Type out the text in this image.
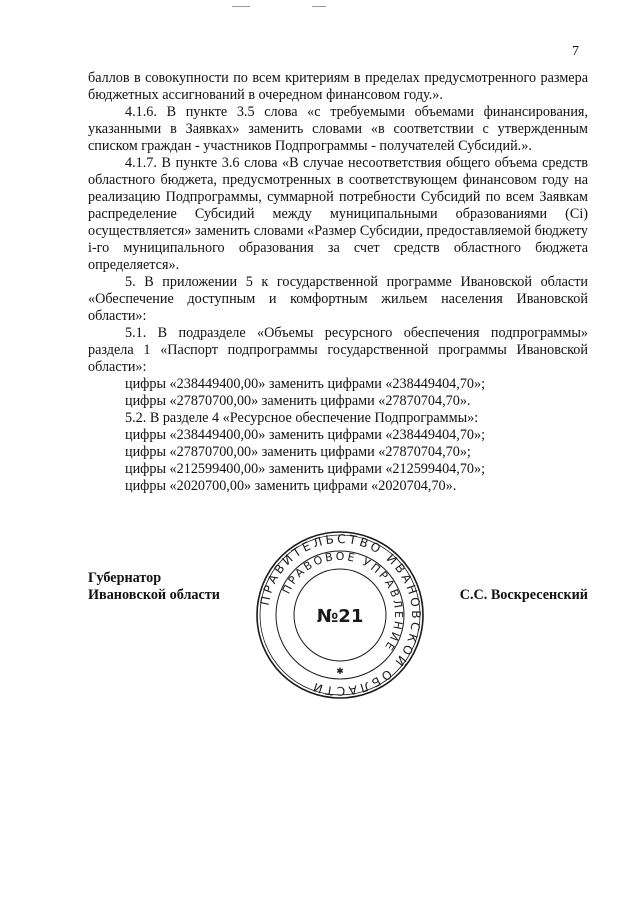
7

баллов в совокупности по всем критериям в пределах предусмотренного размера бюджетных ассигнований в очередном финансовом году.».

4.1.6. В пункте 3.5 слова «с требуемыми объемами финансирования, указанными в Заявках» заменить словами «в соответствии с утвержденным списком граждан - участников Подпрограммы - получателей Субсидий.».

4.1.7. В пункте 3.6 слова «В случае несоответствия общего объема средств областного бюджета, предусмотренных в соответствующем финансовом году на реализацию Подпрограммы, суммарной потребности Субсидий по всем Заявкам распределение Субсидий между муниципальными образованиями (Ci) осуществляется» заменить словами «Размер Субсидии, предоставляемой бюджету i-го муниципального образования за счет средств областного бюджета определяется».

5. В приложении 5 к государственной программе Ивановской области «Обеспечение доступным и комфортным жильем населения Ивановской области»:

5.1. В подразделе «Объемы ресурсного обеспечения подпрограммы» раздела 1 «Паспорт подпрограммы государственной программы Ивановской области»:

цифры «238449400,00» заменить цифрами «238449404,70»;

цифры «27870700,00» заменить цифрами «27870704,70».

5.2. В разделе 4 «Ресурсное обеспечение Подпрограммы»:

цифры «238449400,00» заменить цифрами «238449404,70»;

цифры «27870700,00» заменить цифрами «27870704,70»;

цифры «212599400,00» заменить цифрами «212599404,70»;

цифры «2020700,00» заменить цифрами «2020704,70».

Губернатор
Ивановской области	С.С. Воскресенский
ПРАВИТЕЛЬСТВО ИВАНОВСКОЙ ОБЛАСТИ
ПРАВОВОЕ УПРАВЛЕНИЕ
№21
✱
